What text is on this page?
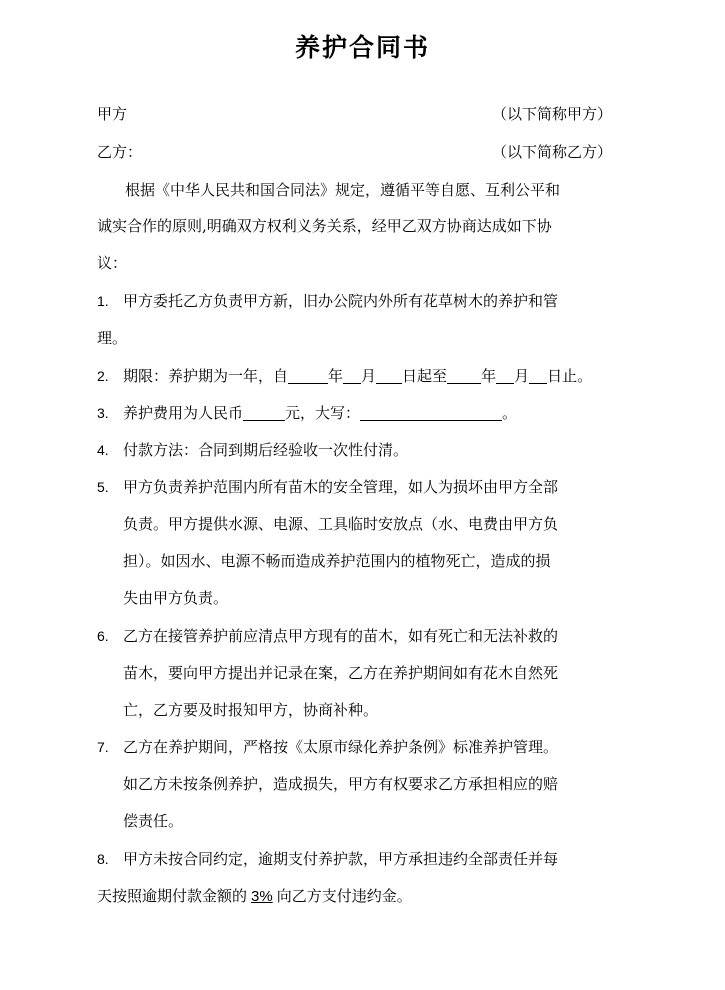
养护合同书
甲方	（以下简称甲方）
乙方：	（以下简称乙方）
根据《中华人民共和国合同法》规定，遵循平等自愿、互利公平和
诚实合作的原则,明确双方权利义务关系，经甲乙双方协商达成如下协
议：
1. 甲方委托乙方负责甲方新，旧办公院内外所有花草树木的养护和管
理。
2. 期限：养护期为一年，自	年 月 日起至 年 月 日止。
3. 养护费用为人民币	元，大写：	。
4. 付款方法：合同到期后经验收一次性付清。
5. 甲方负责养护范围内所有苗木的安全管理，如人为损坏由甲方全部
负责。甲方提供水源、电源、工具临时安放点（水、电费由甲方负
担）。如因水、电源不畅而造成养护范围内的植物死亡，造成的损
失由甲方负责。
6. 乙方在接管养护前应清点甲方现有的苗木，如有死亡和无法补救的
苗木，要向甲方提出并记录在案，乙方在养护期间如有花木自然死
亡，乙方要及时报知甲方，协商补种。
7. 乙方在养护期间，严格按《太原市绿化养护条例》标准养护管理。
如乙方未按条例养护，造成损失，甲方有权要求乙方承担相应的赔
偿责任。
8. 甲方未按合同约定，逾期支付养护款，甲方承担违约全部责任并每
天按照逾期付款金额的 3% 向乙方支付违约金。
